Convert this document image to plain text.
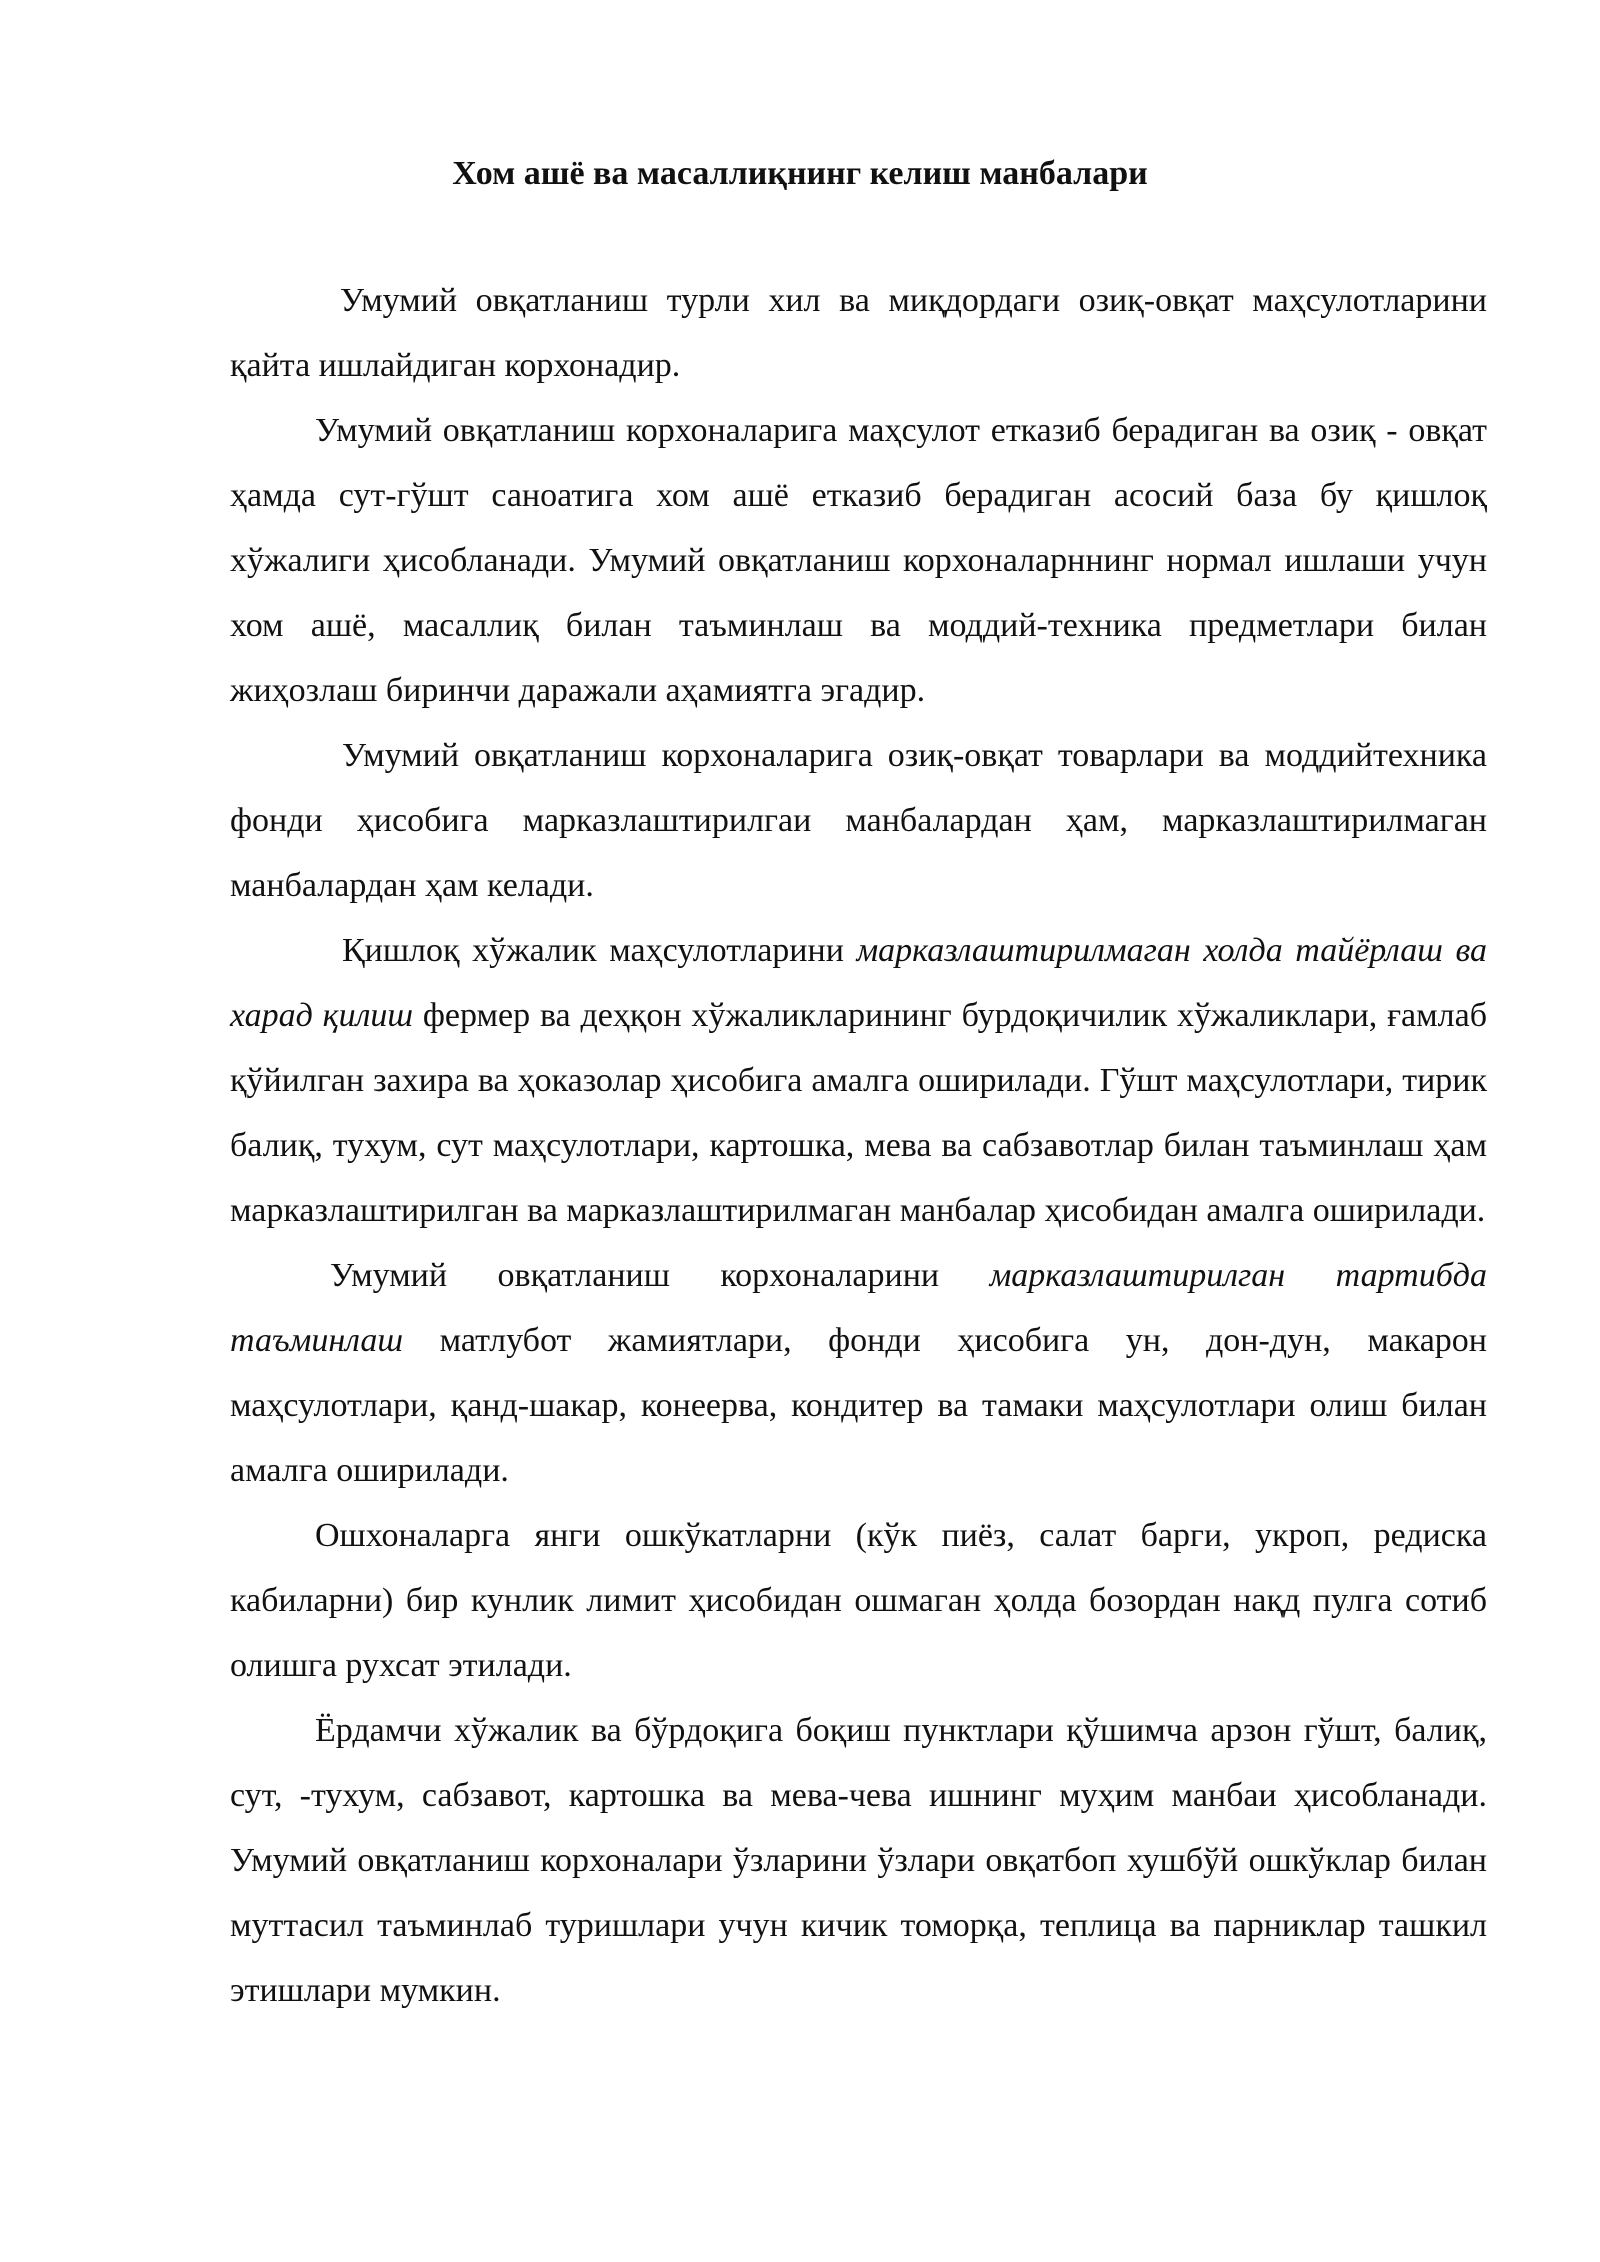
Хом ашё ва масаллиқнинг келиш манбалари

Умумий овқатланиш турли хил ва миқдордаги озиқ-овқат маҳсулотларини қайта ишлайдиган корхонадир.

Умумий овқатланиш корхоналарига маҳсулот етказиб берадиган ва озиқ - овқат ҳамда сут-гўшт саноатига хом ашё етказиб берадиган асосий база бу қишлоқ хўжалиги ҳисобланади. Умумий овқатланиш корхоналарннинг нормал ишлаши учун хом ашё, масаллиқ билан таъминлаш ва моддий-техника предметлари билан жиҳозлаш биринчи даражали аҳамиятга эгадир.

Умумий овқатланиш корхоналарига озиқ-овқат товарлари ва моддийтехника фонди ҳисобига марказлаштирилгаи манбалардан ҳам, марказлаштирилмаган манбалардан ҳам келади.

Қишлоқ хўжалик маҳсулотларини марказлаштирилмаган холда тайёрлаш ва харад қилиш фермер ва деҳқон хўжаликларининг бурдоқичилик хўжаликлари, ғамлаб қўйилган захира ва ҳоказолар ҳисобига амалга оширилади. Гўшт маҳсулотлари, тирик балиқ, тухум, сут маҳсулотлари, картошка, мева ва сабзавотлар билан таъминлаш ҳам марказлаштирилган ва марказлаштирилмаган манбалар ҳисобидан амалга оширилади.

Умумий овқатланиш корхоналарини марказлаштирилган тартибда таъминлаш матлубот жамиятлари, фонди ҳисобига ун, дон-дун, макарон маҳсулотлари, қанд-шакар, конеерва, кондитер ва тамаки маҳсулотлари олиш билан амалга оширилади.

Ошхоналарга янги ошкўкатларни (кўк пиёз, салат барги, укроп, редиска кабиларни) бир кунлик лимит ҳисобидан ошмаган ҳолда бозордан нақд пулга сотиб олишга рухсат этилади.

Ёрдамчи хўжалик ва бўрдоқига боқиш пунктлари қўшимча арзон гўшт, балиқ, сут, -тухум, сабзавот, картошка ва мева-чева ишнинг муҳим манбаи ҳисобланади. Умумий овқатланиш корхоналари ўзларини ўзлари овқатбоп хушбўй ошкўклар билан муттасил таъминлаб туришлари учун кичик томорқа, теплица ва парниклар ташкил этишлари мумкин.
